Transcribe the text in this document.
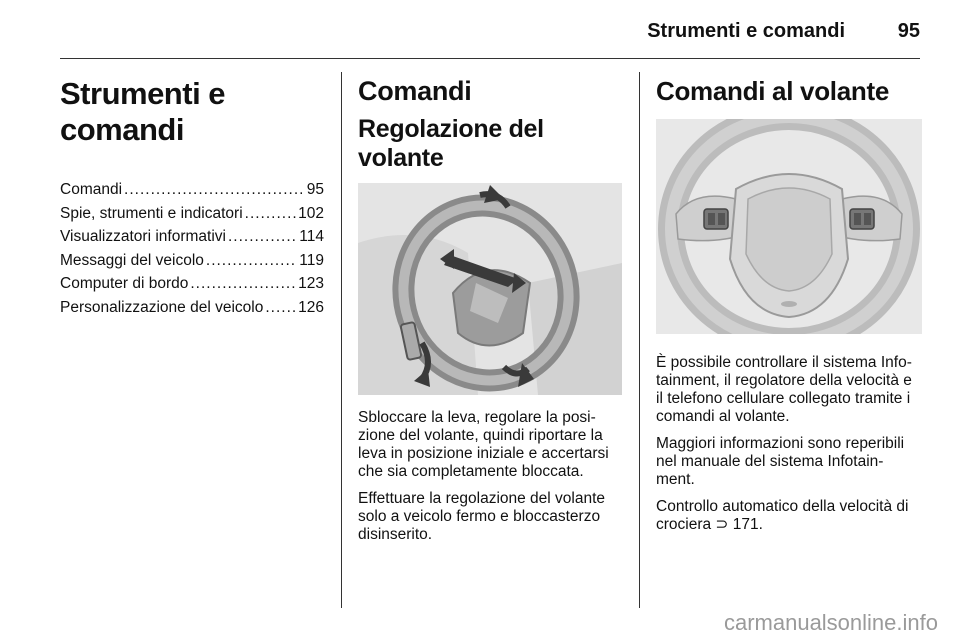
Strumenti e comandi	95
Strumenti e comandi
Comandi .....	95
Spie, strumenti e indicatori .....	102
Visualizzatori informativi .....	114
Messaggi del veicolo .....	119
Computer di bordo .....	123
Personalizzazione del veicolo ..... 126
Comandi
Regolazione del volante

Sbloccare la leva, regolare la posi-zione del volante, quindi riportare la leva in posizione iniziale e accertarsi che sia completamente bloccata.

Effettuare la regolazione del volante solo a veicolo fermo e bloccasterzo disinserito.

Comandi al volante

È possibile controllare il sistema Info-tainment, il regolatore della velocità e il telefono cellulare collegato tramite i comandi al volante.

Maggiori informazioni sono reperibili nel manuale del sistema Infotain-ment.

Controllo automatico della velocità di crociera ⊃ 171.

carmanualsonline.info
